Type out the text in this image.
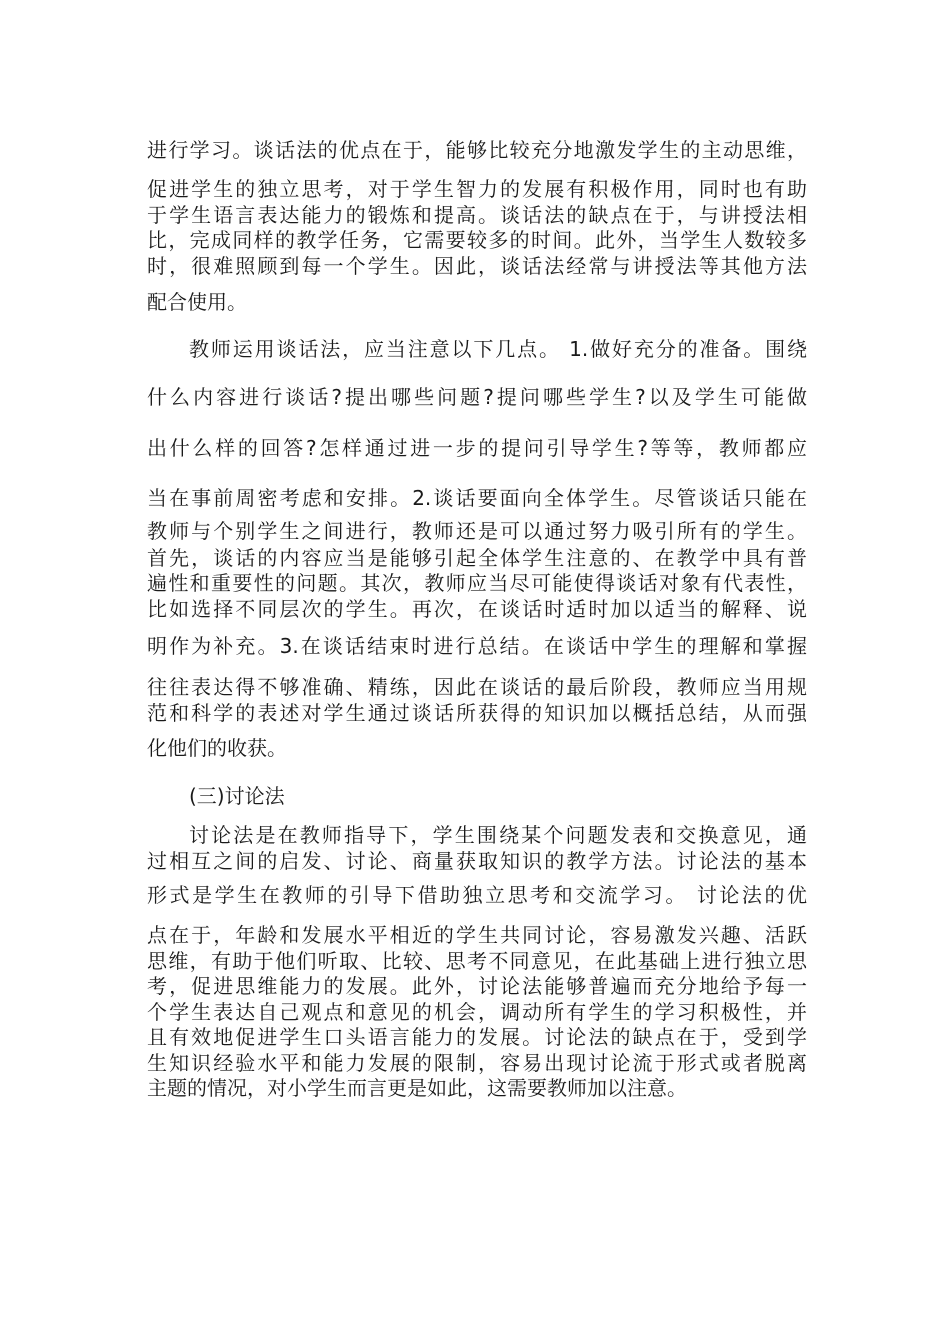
进行学习。谈话法的优点在于，能够比较充分地激发学生的主动思维，
促进学生的独立思考，对于学生智力的发展有积极作用，同时也有助
于学生语言表达能力的锻炼和提高。谈话法的缺点在于，与讲授法相
比，完成同样的教学任务，它需要较多的时间。此外，当学生人数较多
时，很难照顾到每一个学生。因此，谈话法经常与讲授法等其他方法
配合使用。
教师运用谈话法，应当注意以下几点。 1.做好充分的准备。围绕
什么内容进行谈话?提出哪些问题?提问哪些学生?以及学生可能做
出什么样的回答?怎样通过进一步的提问引导学生?等等，教师都应
当在事前周密考虑和安排。2.谈话要面向全体学生。尽管谈话只能在
教师与个别学生之间进行，教师还是可以通过努力吸引所有的学生。
首先，谈话的内容应当是能够引起全体学生注意的、在教学中具有普
遍性和重要性的问题。其次，教师应当尽可能使得谈话对象有代表性，
比如选择不同层次的学生。再次，在谈话时适时加以适当的解释、说
明作为补充。3.在谈话结束时进行总结。在谈话中学生的理解和掌握
往往表达得不够准确、精练，因此在谈话的最后阶段，教师应当用规
范和科学的表述对学生通过谈话所获得的知识加以概括总结，从而强
化他们的收获。
(三)讨论法
讨论法是在教师指导下，学生围绕某个问题发表和交换意见，通
过相互之间的启发、讨论、商量获取知识的教学方法。讨论法的基本
形式是学生在教师的引导下借助独立思考和交流学习。 讨论法的优
点在于，年龄和发展水平相近的学生共同讨论，容易激发兴趣、活跃
思维，有助于他们听取、比较、思考不同意见，在此基础上进行独立思
考，促进思维能力的发展。此外，讨论法能够普遍而充分地给予每一
个学生表达自己观点和意见的机会，调动所有学生的学习积极性，并
且有效地促进学生口头语言能力的发展。讨论法的缺点在于，受到学
生知识经验水平和能力发展的限制，容易出现讨论流于形式或者脱离
主题的情况，对小学生而言更是如此，这需要教师加以注意。
